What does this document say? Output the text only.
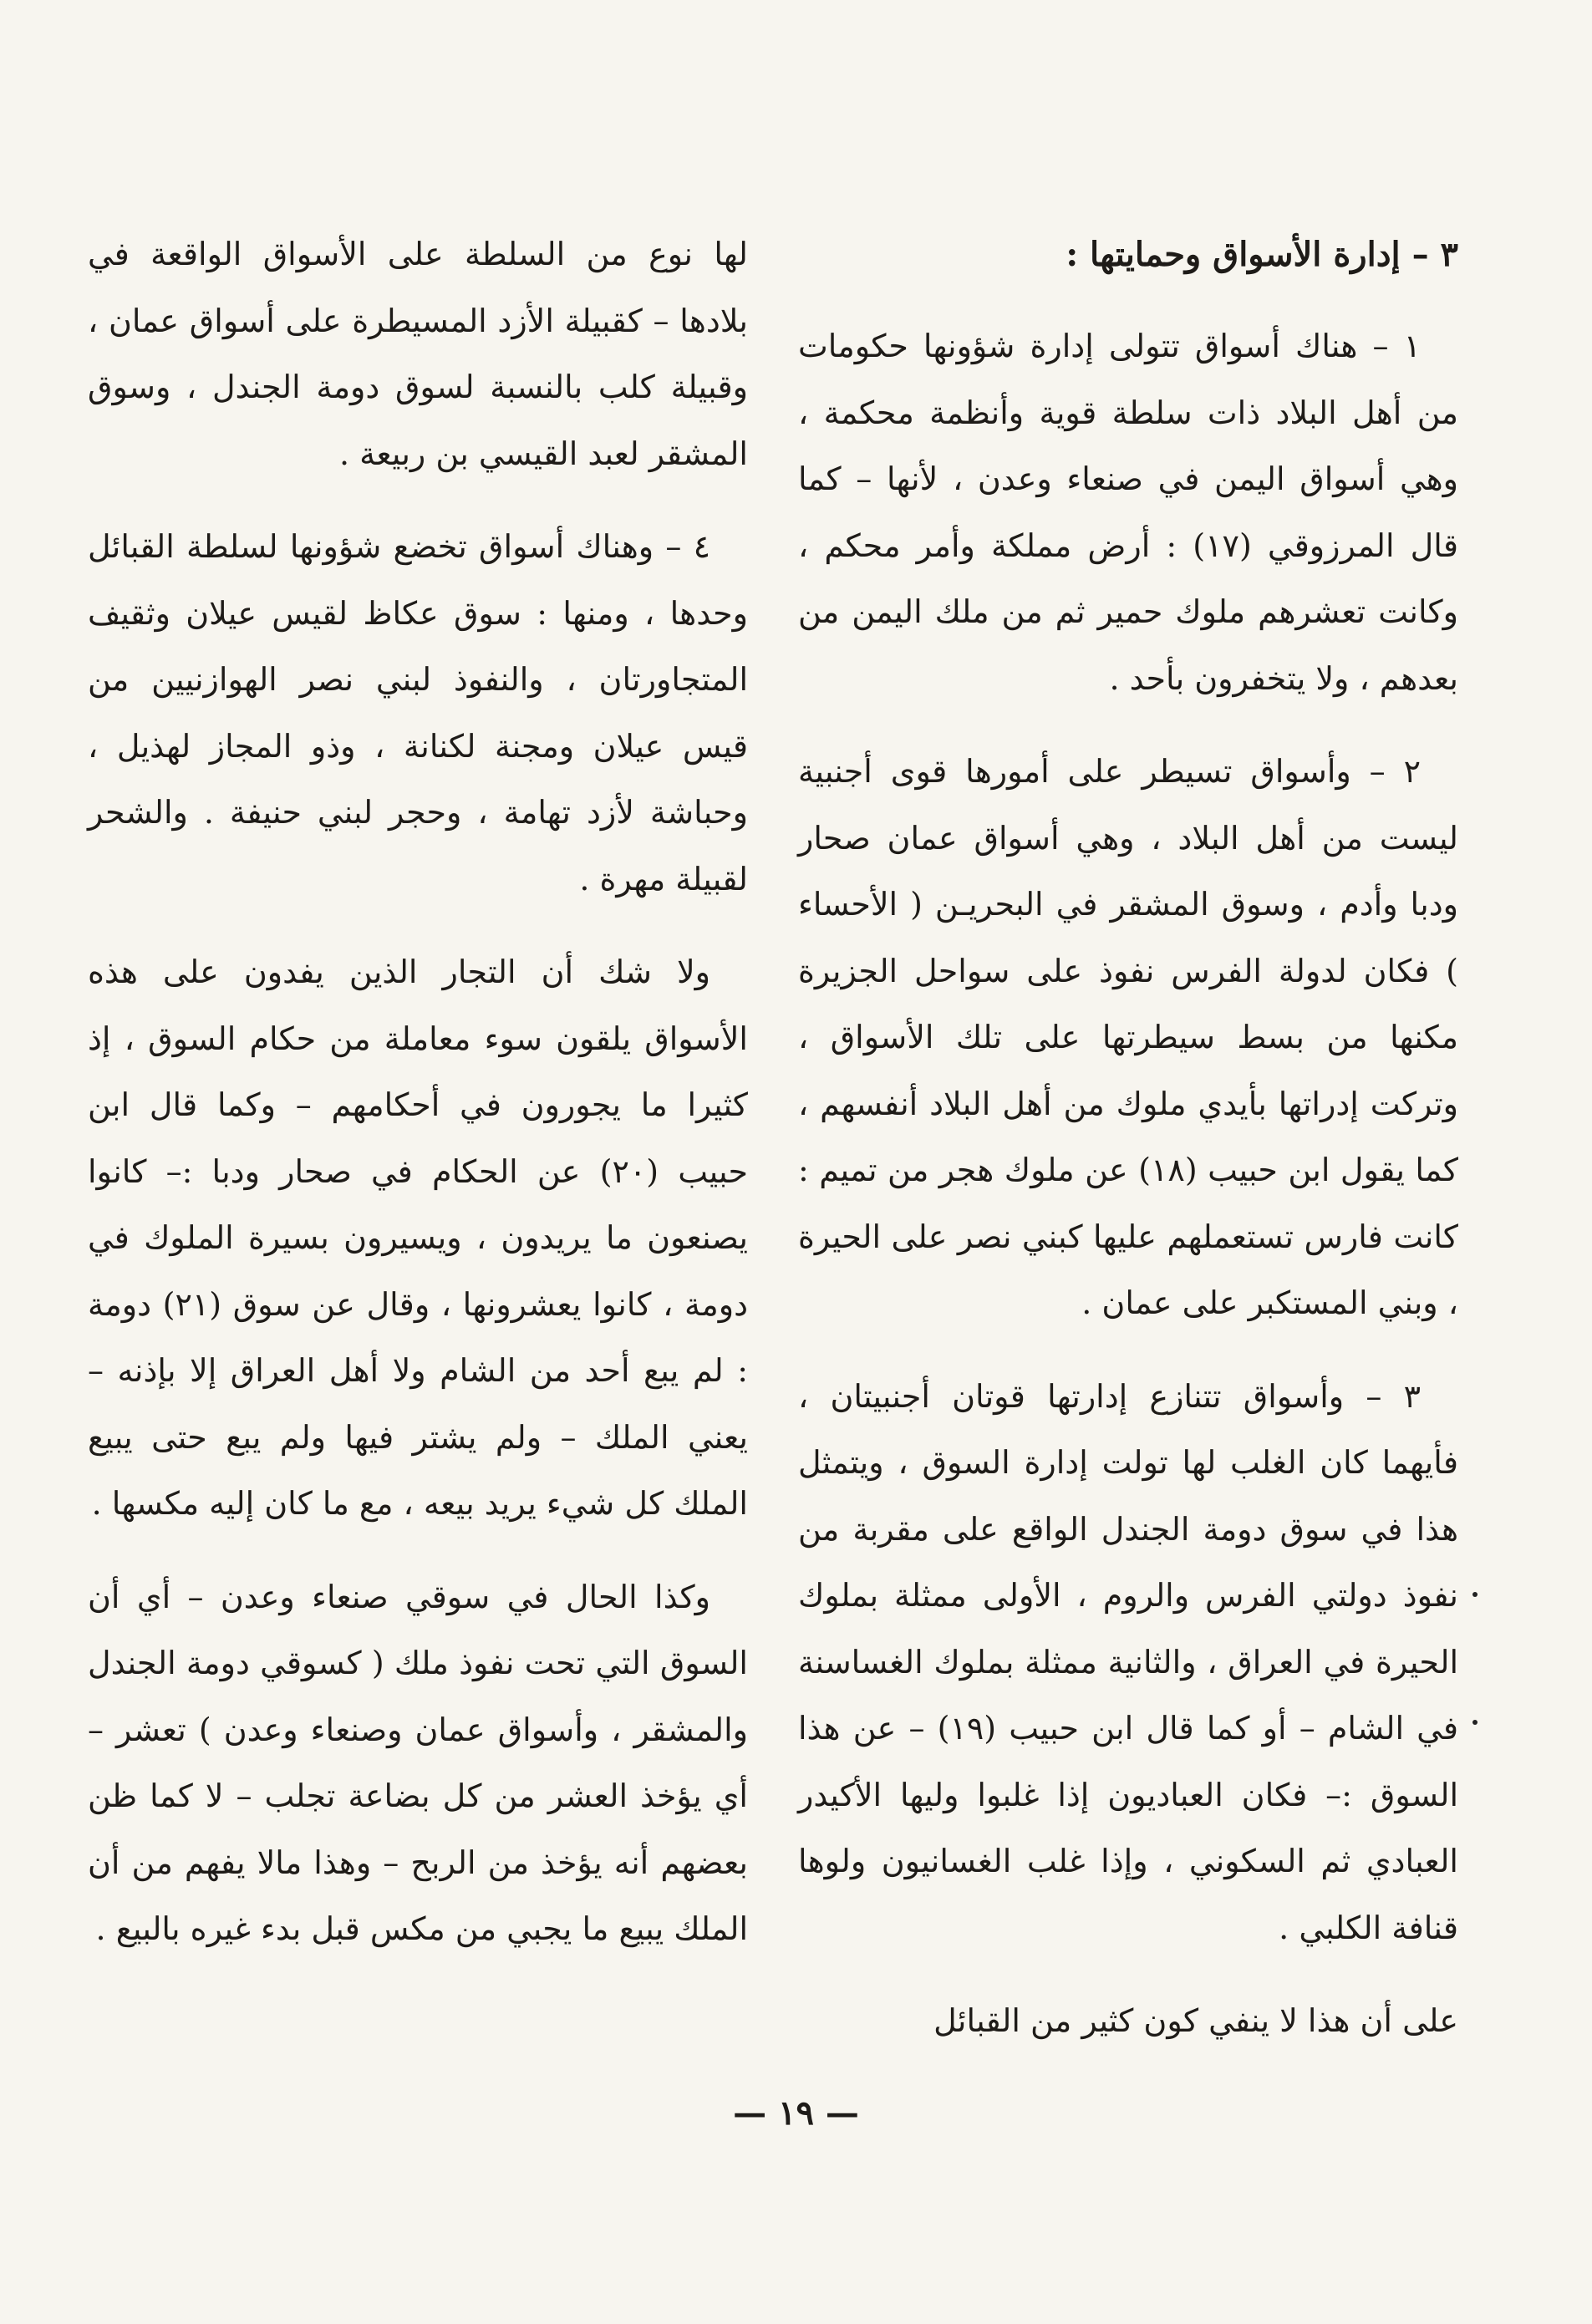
٣ – إدارة الأسواق وحمايتها :

١ – هناك أسواق تتولى إدارة شؤونها حكومات من أهل البلاد ذات سلطة قوية وأنظمة محكمة ، وهي أسواق اليمن في صنعاء وعدن ، لأنها – كما قال المرزوقي (١٧) : أرض مملكة وأمر محكم ، وكانت تعشرهم ملوك حمير ثم من ملك اليمن من بعدهم ، ولا يتخفرون بأحد .

٢ – وأسواق تسيطر على أمورها قوى أجنبية ليست من أهل البلاد ، وهي أسواق عمان صحار ودبا وأدم ، وسوق المشقر في البحريـن ( الأحساء ) فكان لدولة الفرس نفوذ على سواحل الجزيرة مكنها من بسط سيطرتها على تلك الأسواق ، وتركت إدراتها بأيدي ملوك من أهل البلاد أنفسهم ، كما يقول ابن حبيب (١٨) عن ملوك هجر من تميم : كانت فارس تستعملهم عليها كبني نصر على الحيرة ، وبني المستكبر على عمان .

٣ – وأسواق تتنازع إدارتها قوتان أجنبيتان ، فأيهما كان الغلب لها تولت إدارة السوق ، ويتمثل هذا في سوق دومة الجندل الواقع على مقربة من نفوذ دولتي الفرس والروم ، الأولى ممثلة بملوك الحيرة في العراق ، والثانية ممثلة بملوك الغساسنة في الشام – أو كما قال ابن حبيب (١٩) – عن هذا السوق :– فكان العباديون إذا غلبوا وليها الأكيدر العبادي ثم السكوني ، وإذا غلب الغسانيون ولوها قنافة الكلبي .

على أن هذا لا ينفي كون كثير من القبائل

لها نوع من السلطة على الأسواق الواقعة في بلادها – كقبيلة الأزد المسيطرة على أسواق عمان ، وقبيلة كلب بالنسبة لسوق دومة الجندل ، وسوق المشقر لعبد القيسي بن ربيعة .

٤ – وهناك أسواق تخضع شؤونها لسلطة القبائل وحدها ، ومنها : سوق عكاظ لقيس عيلان وثقيف المتجاورتان ، والنفوذ لبني نصر الهوازنيين من قيس عيلان ومجنة لكنانة ، وذو المجاز لهذيل ، وحباشة لأزد تهامة ، وحجر لبني حنيفة . والشحر لقبيلة مهرة .

ولا شك أن التجار الذين يفدون على هذه الأسواق يلقون سوء معاملة من حكام السوق ، إذ كثيرا ما يجورون في أحكامهم – وكما قال ابن حبيب (٢٠) عن الحكام في صحار ودبا :– كانوا يصنعون ما يريدون ، ويسيرون بسيرة الملوك في دومة ، كانوا يعشرونها ، وقال عن سوق (٢١) دومة : لم يبع أحد من الشام ولا أهل العراق إلا بإذنه – يعني الملك – ولم يشتر فيها ولم يبع حتى يبيع الملك كل شيء يريد بيعه ، مع ما كان إليه مكسها .

وكذا الحال في سوقي صنعاء وعدن – أي أن السوق التي تحت نفوذ ملك ( كسوقي دومة الجندل والمشقر ، وأسواق عمان وصنعاء وعدن ) تعشر – أي يؤخذ العشر من كل بضاعة تجلب – لا كما ظن بعضهم أنه يؤخذ من الربح – وهذا مالا يفهم من أن الملك يبيع ما يجبي من مكس قبل بدء غيره بالبيع .

— ١٩ —
